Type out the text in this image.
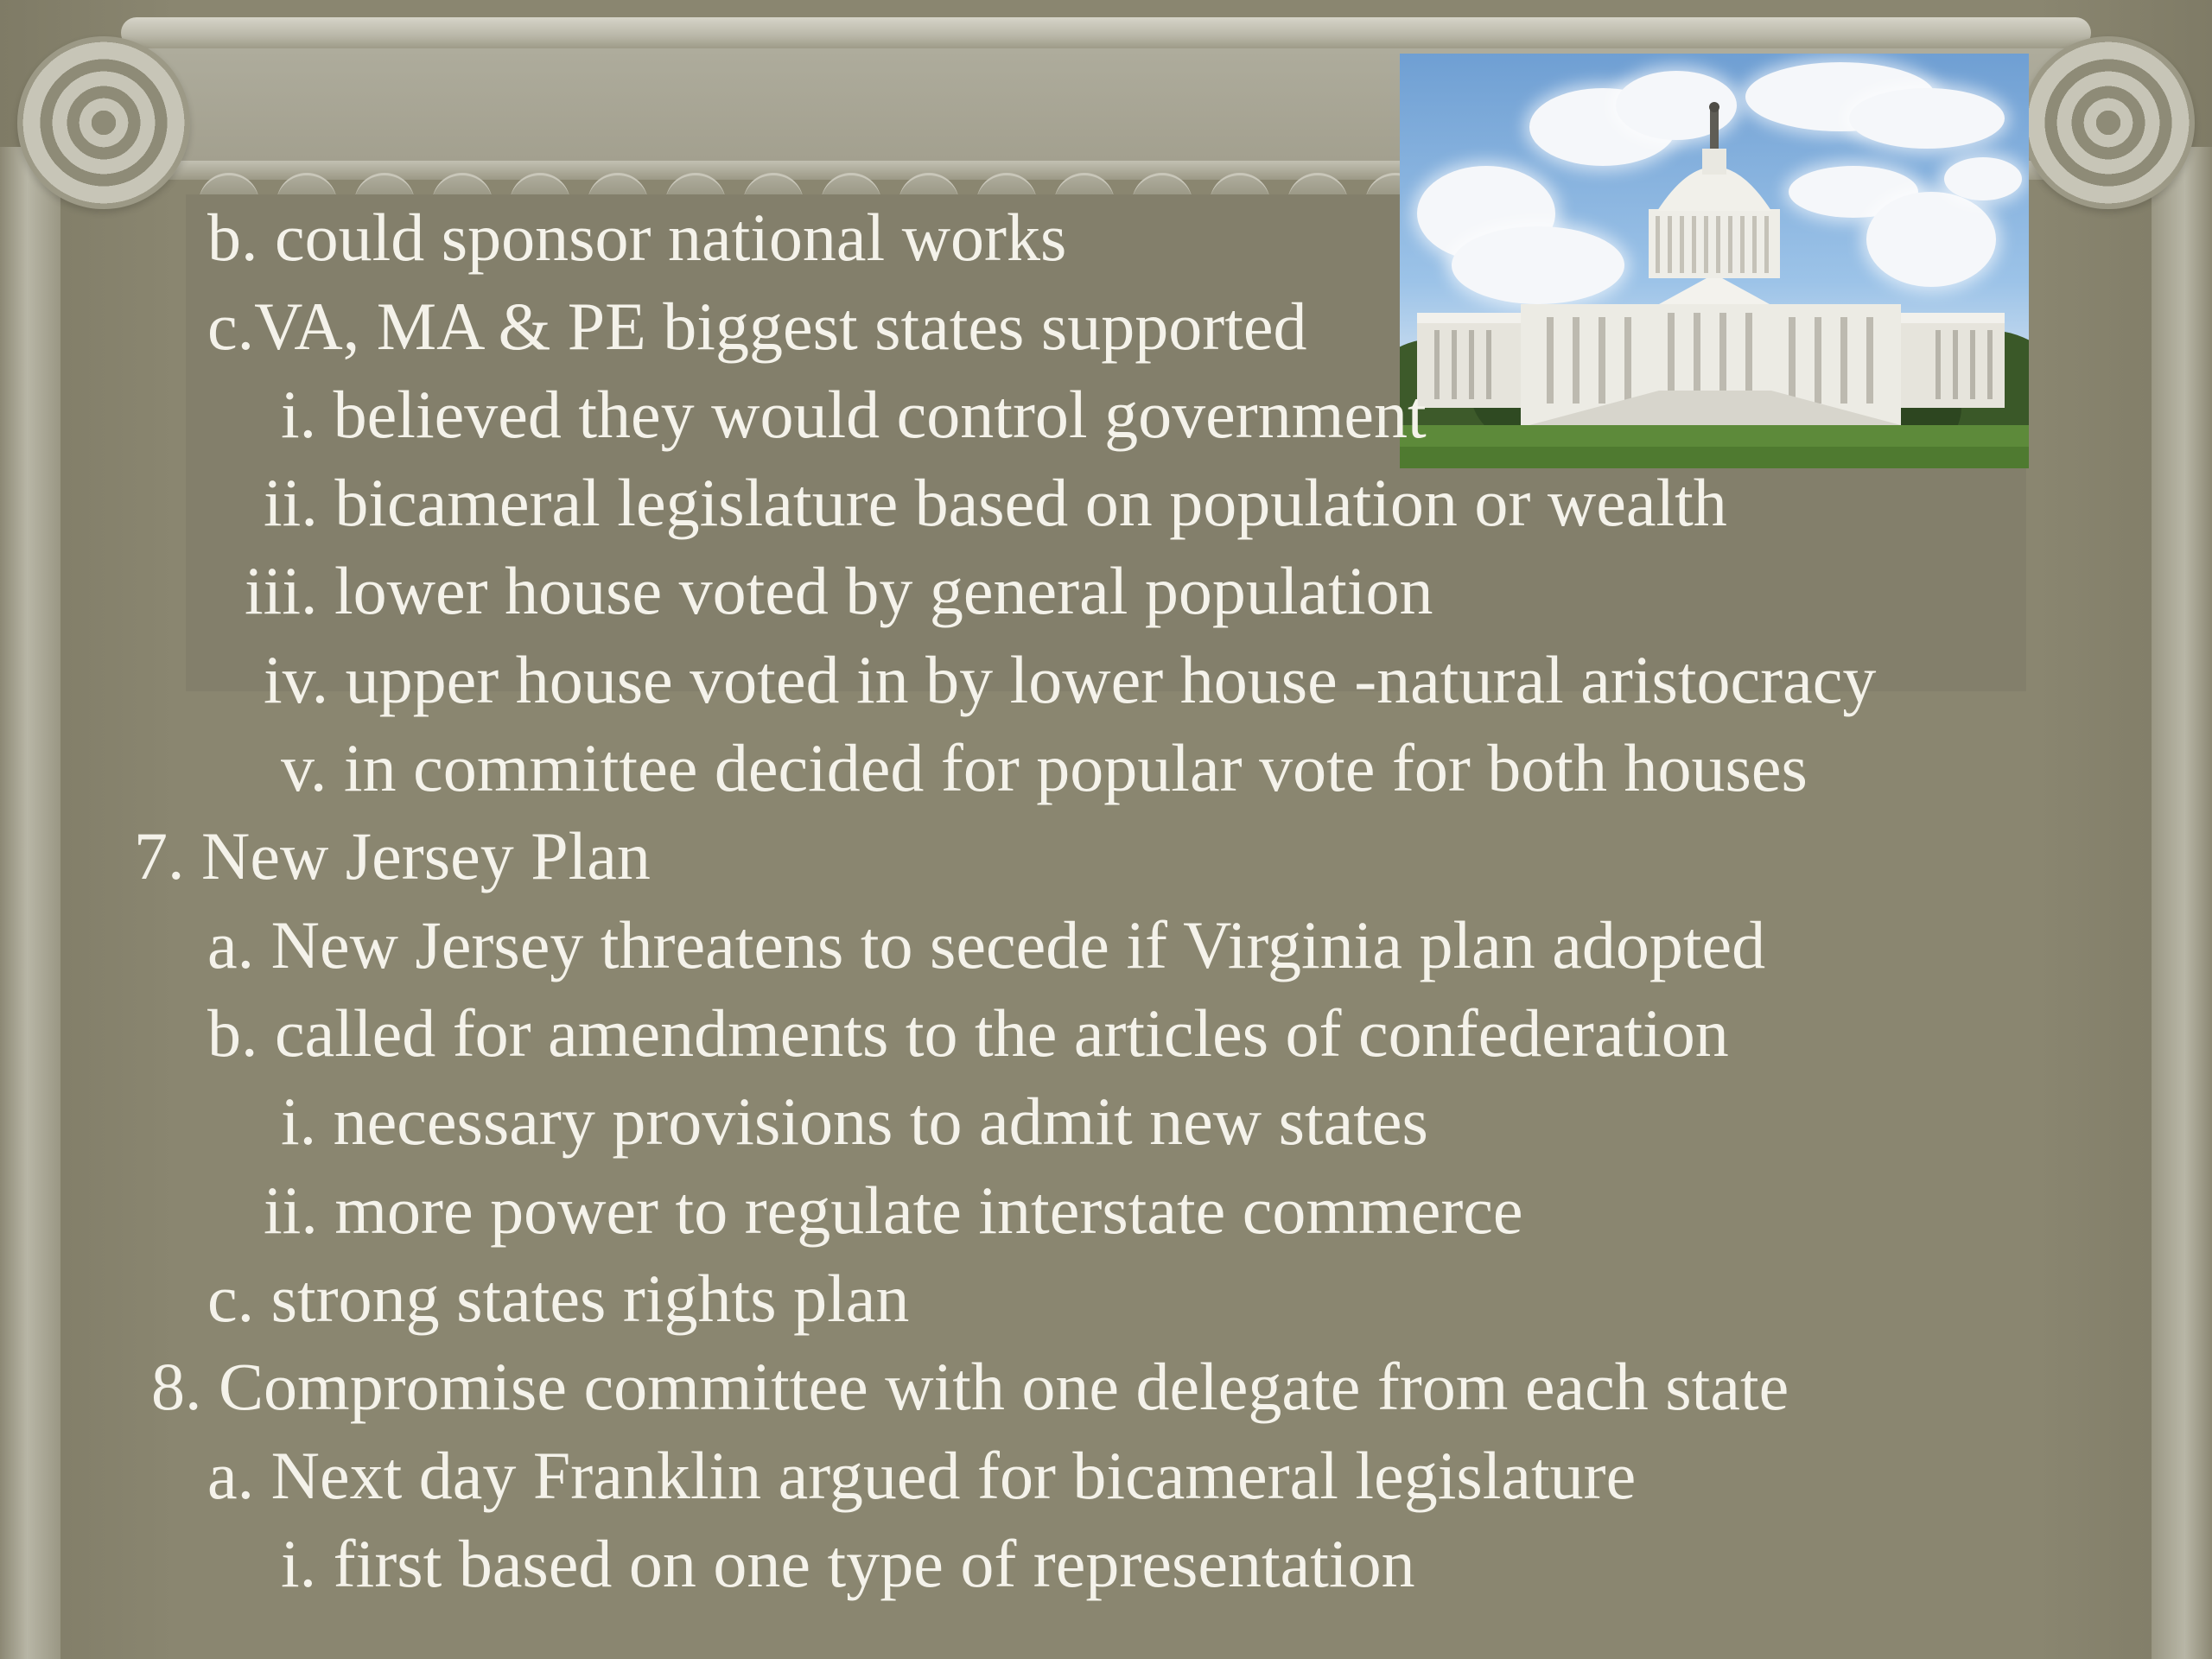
b. could sponsor national works
c.VA, MA & PE biggest states supported
i. believed they would control government
ii. bicameral legislature based on population or wealth
iii. lower house voted by general population
iv. upper house voted in by lower house -natural aristocracy
v. in committee decided for popular vote for both houses
7. New Jersey Plan
a. New Jersey threatens to secede if Virginia plan adopted
b. called for amendments to the articles of confederation
i. necessary provisions to admit new states
ii. more power to regulate interstate commerce
c. strong states rights plan
8. Compromise committee with one delegate from each state
a. Next day Franklin argued for bicameral legislature
i. first based on one type of representation
